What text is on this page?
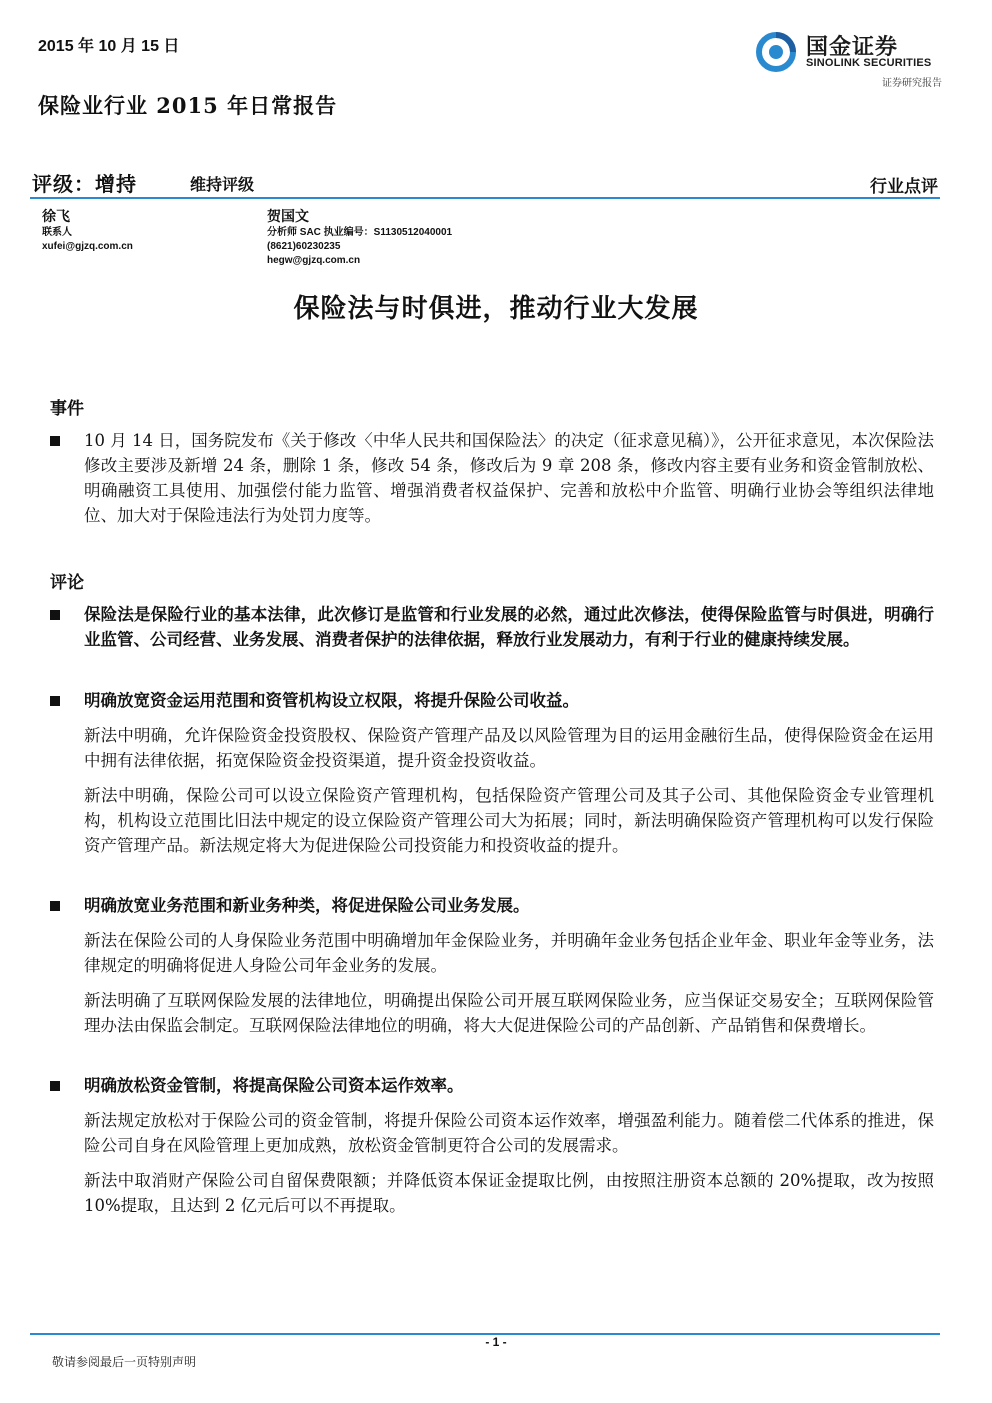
2015 年 10 月 15 日
保险业行业 2015 年日常报告
国金证券
SINOLINK SECURITIES
证券研究报告
评级：增持	维持评级	行业点评
徐飞
联系人
xufei@gjzq.com.cn
贺国文
分析师 SAC 执业编号：S1130512040001
(8621)60230235
hegw@gjzq.com.cn
保险法与时俱进，推动行业大发展
事件
10 月 14 日，国务院发布《关于修改〈中华人民共和国保险法〉的决定（征求意见稿）》，公开征求意见，本次保险法修改主要涉及新增 24 条，删除 1 条，修改 54 条，修改后为 9 章 208 条，修改内容主要有业务和资金管制放松、明确融资工具使用、加强偿付能力监管、增强消费者权益保护、完善和放松中介监管、明确行业协会等组织法律地位、加大对于保险违法行为处罚力度等。
评论
保险法是保险行业的基本法律，此次修订是监管和行业发展的必然，通过此次修法，使得保险监管与时俱进，明确行业监管、公司经营、业务发展、消费者保护的法律依据，释放行业发展动力，有利于行业的健康持续发展。
明确放宽资金运用范围和资管机构设立权限，将提升保险公司收益。
新法中明确，允许保险资金投资股权、保险资产管理产品及以风险管理为目的运用金融衍生品，使得保险资金在运用中拥有法律依据，拓宽保险资金投资渠道，提升资金投资收益。
新法中明确，保险公司可以设立保险资产管理机构，包括保险资产管理公司及其子公司、其他保险资金专业管理机构，机构设立范围比旧法中规定的设立保险资产管理公司大为拓展；同时，新法明确保险资产管理机构可以发行保险资产管理产品。新法规定将大为促进保险公司投资能力和投资收益的提升。
明确放宽业务范围和新业务种类，将促进保险公司业务发展。
新法在保险公司的人身保险业务范围中明确增加年金保险业务，并明确年金业务包括企业年金、职业年金等业务，法律规定的明确将促进人身险公司年金业务的发展。
新法明确了互联网保险发展的法律地位，明确提出保险公司开展互联网保险业务，应当保证交易安全；互联网保险管理办法由保监会制定。互联网保险法律地位的明确，将大大促进保险公司的产品创新、产品销售和保费增长。
明确放松资金管制，将提高保险公司资本运作效率。
新法规定放松对于保险公司的资金管制，将提升保险公司资本运作效率，增强盈利能力。随着偿二代体系的推进，保险公司自身在风险管理上更加成熟，放松资金管制更符合公司的发展需求。
新法中取消财产保险公司自留保费限额；并降低资本保证金提取比例，由按照注册资本总额的 20%提取，改为按照 10%提取，且达到 2 亿元后可以不再提取。
- 1 -
敬请参阅最后一页特别声明
